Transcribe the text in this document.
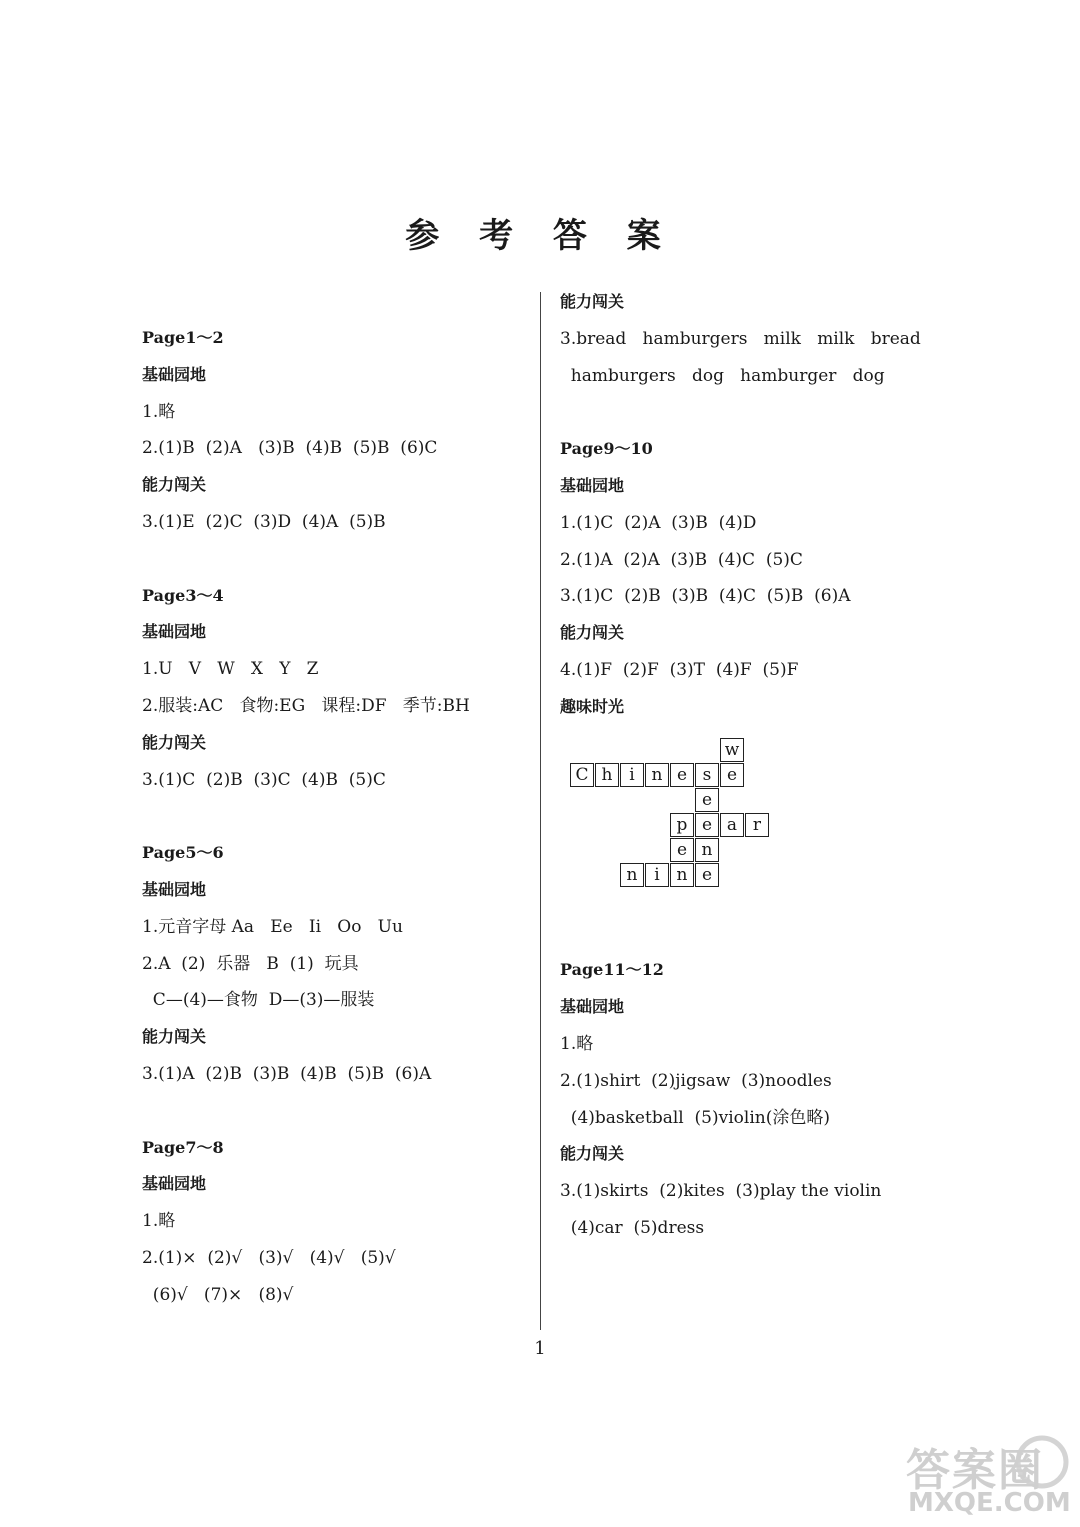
参 考 答 案
Page1～2
基础园地
1.略
2.(1)B  (2)A   (3)B  (4)B  (5)B  (6)C
能力闯关
3.(1)E  (2)C  (3)D  (4)A  (5)B
Page3～4
基础园地
1.U   V   W   X   Y   Z
2.服装:AC   食物:EG   课程:DF   季节:BH
能力闯关
3.(1)C  (2)B  (3)C  (4)B  (5)C
Page5～6
基础园地
1.元音字母 Aa   Ee   Ii   Oo   Uu
2.A  (2)  乐器   B  (1)  玩具
C—(4)—食物  D—(3)—服装
能力闯关
3.(1)A  (2)B  (3)B  (4)B  (5)B  (6)A
Page7～8
基础园地
1.略
2.(1)×  (2)√   (3)√   (4)√   (5)√
(6)√   (7)×   (8)√
能力闯关
3.bread   hamburgers   milk   milk   bread
hamburgers   dog   hamburger   dog
Page9～10
基础园地
1.(1)C  (2)A  (3)B  (4)D
2.(1)A  (2)A  (3)B  (4)C  (5)C
3.(1)C  (2)B  (3)B  (4)C  (5)B  (6)A
能力闯关
4.(1)F  (2)F  (3)T  (4)F  (5)F
趣味时光
Page11～12
基础园地
1.略
2.(1)shirt  (2)jigsaw  (3)noodles
(4)basketball  (5)violin(涂色略)
能力闯关
3.(1)skirts  (2)kites  (3)play the violin
(4)car  (5)dress
C h i n e s e
w
e
e
n
p	a r
e
n
n i	e
1
答案圈
MXQE.COM
